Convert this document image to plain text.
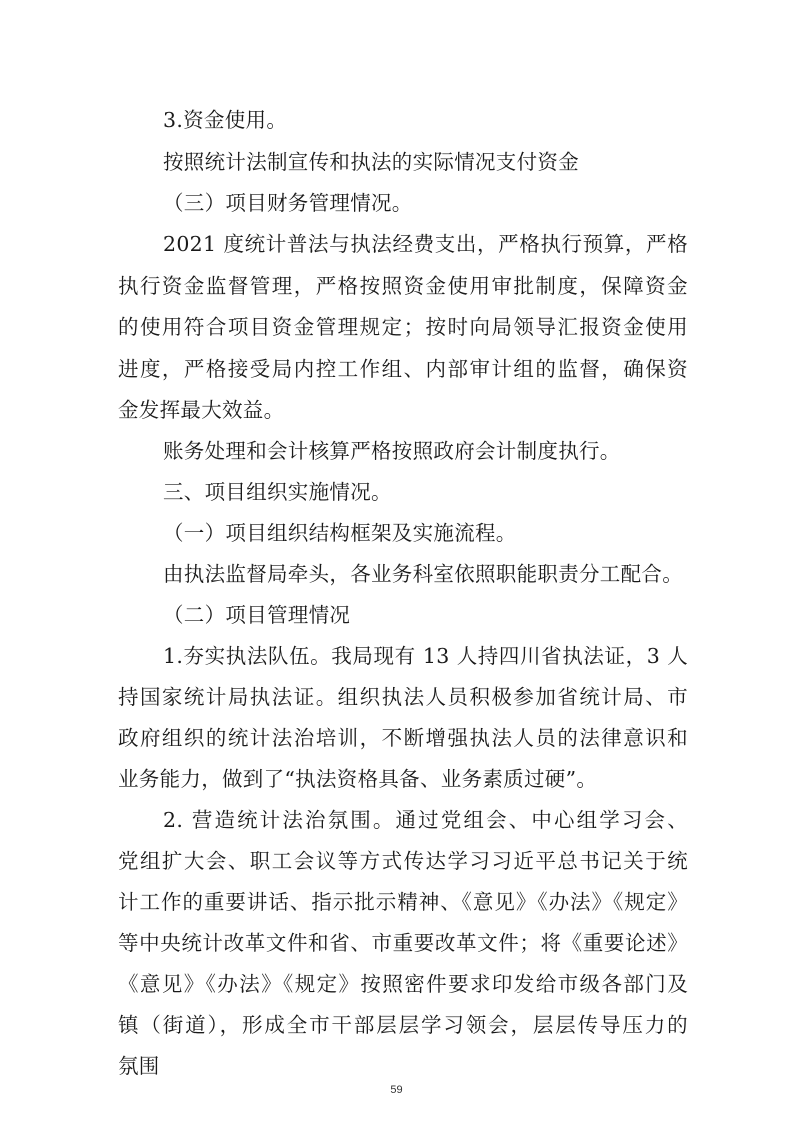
3.资金使用。
按照统计法制宣传和执法的实际情况支付资金
（三）项目财务管理情况。
2021 度统计普法与执法经费支出，严格执行预算，严格
执行资金监督管理，严格按照资金使用审批制度，保障资金
的使用符合项目资金管理规定；按时向局领导汇报资金使用
进度，严格接受局内控工作组、内部审计组的监督，确保资
金发挥最大效益。
账务处理和会计核算严格按照政府会计制度执行。
三、项目组织实施情况。
（一）项目组织结构框架及实施流程。
由执法监督局牵头，各业务科室依照职能职责分工配合。
（二）项目管理情况
1.夯实执法队伍。我局现有 13 人持四川省执法证，3 人
持国家统计局执法证。组织执法人员积极参加省统计局、市
政府组织的统计法治培训，不断增强执法人员的法律意识和
业务能力，做到了“执法资格具备、业务素质过硬”。
2. 营造统计法治氛围。通过党组会、中心组学习会、
党组扩大会、职工会议等方式传达学习习近平总书记关于统
计工作的重要讲话、指示批示精神、《意见》《办法》《规定》
等中央统计改革文件和省、市重要改革文件；将《重要论述》
《意见》《办法》《规定》按照密件要求印发给市级各部门及
镇（街道），形成全市干部层层学习领会，层层传导压力的
氛围
59
